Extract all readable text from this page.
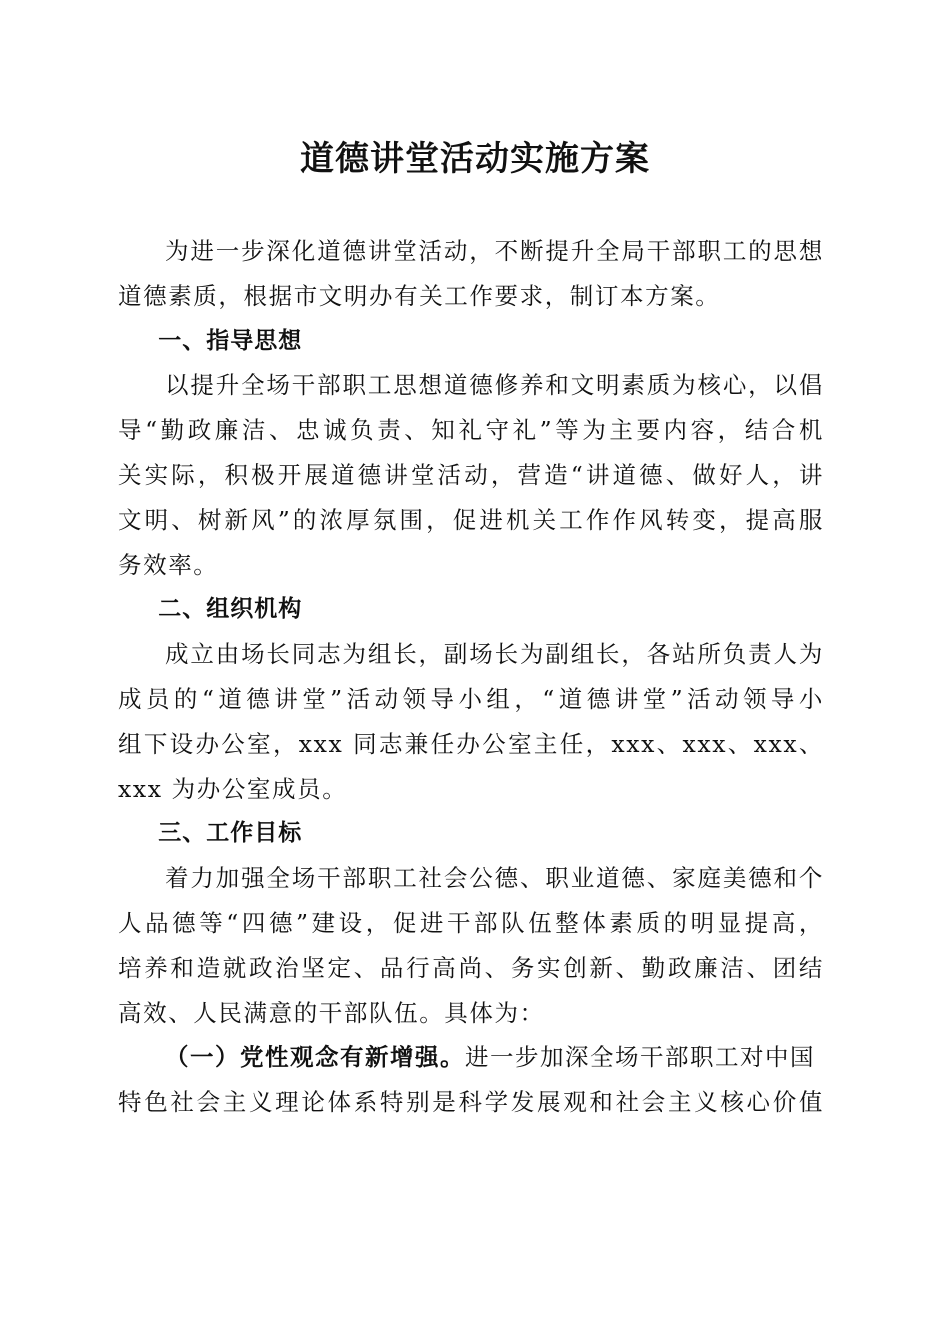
道德讲堂活动实施方案
为进一步深化道德讲堂活动，不断提升全局干部职工的思想
道德素质，根据市文明办有关工作要求，制订本方案。
一、指导思想
以提升全场干部职工思想道德修养和文明素质为核心，以倡
导“勤政廉洁、忠诚负责、知礼守礼”等为主要内容，结合机
关实际，积极开展道德讲堂活动，营造“讲道德、做好人，讲
文明、树新风”的浓厚氛围，促进机关工作作风转变，提高服
务效率。
二、组织机构
成立由场长同志为组长，副场长为副组长，各站所负责人为
成员的“道德讲堂”活动领导小组，“道德讲堂”活动领导小
组下设办公室，xxx 同志兼任办公室主任，xxx、xxx、xxx、
xxx 为办公室成员。
三、工作目标
着力加强全场干部职工社会公德、职业道德、家庭美德和个
人品德等“四德”建设，促进干部队伍整体素质的明显提高，
培养和造就政治坚定、品行高尚、务实创新、勤政廉洁、团结
高效、人民满意的干部队伍。具体为：
（一）党性观念有新增强。进一步加深全场干部职工对中国
特色社会主义理论体系特别是科学发展观和社会主义核心价值
